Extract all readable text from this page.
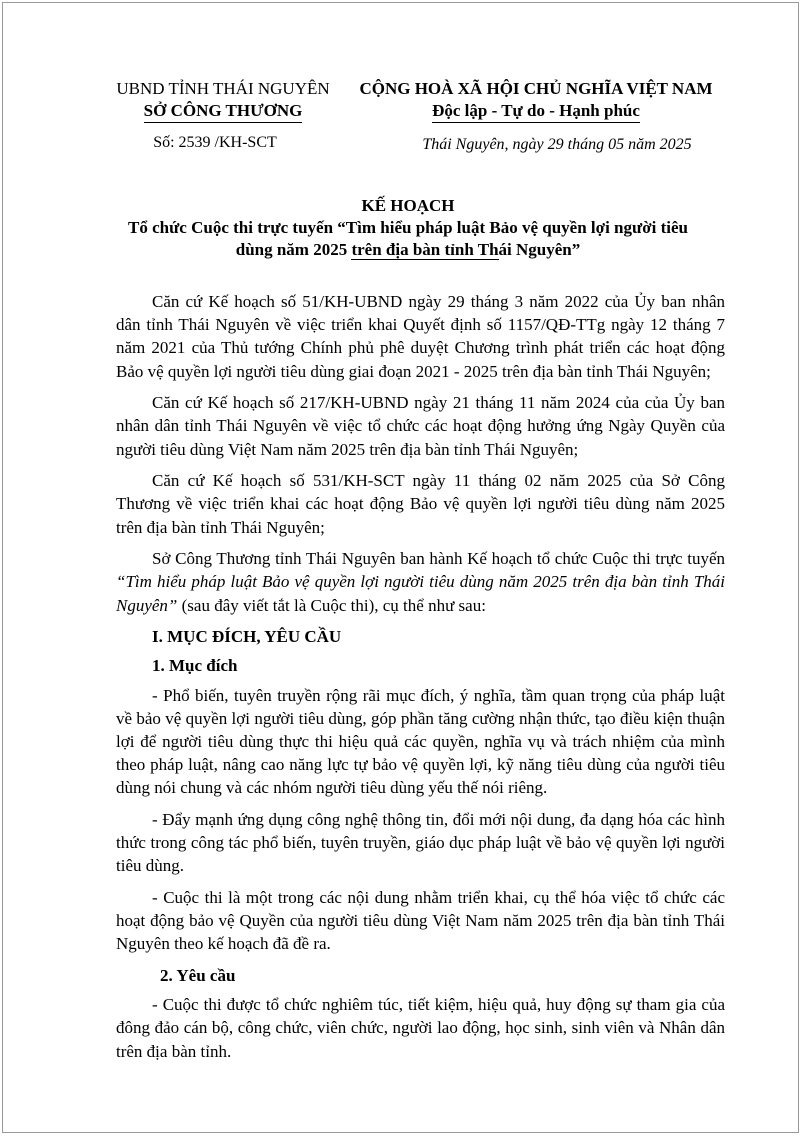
UBND TỈNH THÁI NGUYÊN
SỞ CÔNG THƯƠNG
CỘNG HOÀ XÃ HỘI CHỦ NGHĨA VIỆT NAM
Độc lập - Tự do - Hạnh phúc
Số: 2539 /KH-SCT	Thái Nguyên, ngày 29 tháng 05 năm 2025
KẾ HOẠCH
Tổ chức Cuộc thi trực tuyến “Tìm hiểu pháp luật Bảo vệ quyền lợi người tiêu
dùng năm 2025 trên địa bàn tỉnh Thái Nguyên”

Căn cứ Kế hoạch số 51/KH-UBND ngày 29 tháng 3 năm 2022 của Ủy ban nhân dân tỉnh Thái Nguyên về việc triển khai Quyết định số 1157/QĐ-TTg ngày 12 tháng 7 năm 2021 của Thủ tướng Chính phủ phê duyệt Chương trình phát triển các hoạt động Bảo vệ quyền lợi người tiêu dùng giai đoạn 2021 - 2025 trên địa bàn tỉnh Thái Nguyên;

Căn cứ Kế hoạch số 217/KH-UBND ngày 21 tháng 11 năm 2024 của của Ủy ban nhân dân tỉnh Thái Nguyên về việc tổ chức các hoạt động hưởng ứng Ngày Quyền của người tiêu dùng Việt Nam năm 2025 trên địa bàn tỉnh Thái Nguyên;

Căn cứ Kế hoạch số 531/KH-SCT ngày 11 tháng 02 năm 2025 của Sở Công Thương về việc triển khai các hoạt động Bảo vệ quyền lợi người tiêu dùng năm 2025 trên địa bàn tỉnh Thái Nguyên;

Sở Công Thương tỉnh Thái Nguyên ban hành Kế hoạch tổ chức Cuộc thi trực tuyến “Tìm hiểu pháp luật Bảo vệ quyền lợi người tiêu dùng năm 2025 trên địa bàn tỉnh Thái Nguyên” (sau đây viết tắt là Cuộc thi), cụ thể như sau:

I. MỤC ĐÍCH, YÊU CẦU

1. Mục đích

- Phổ biến, tuyên truyền rộng rãi mục đích, ý nghĩa, tầm quan trọng của pháp luật về bảo vệ quyền lợi người tiêu dùng, góp phần tăng cường nhận thức, tạo điều kiện thuận lợi để người tiêu dùng thực thi hiệu quả các quyền, nghĩa vụ và trách nhiệm của mình theo pháp luật, nâng cao năng lực tự bảo vệ quyền lợi, kỹ năng tiêu dùng của người tiêu dùng nói chung và các nhóm người tiêu dùng yếu thế nói riêng.

- Đẩy mạnh ứng dụng công nghệ thông tin, đổi mới nội dung, đa dạng hóa các hình thức trong công tác phổ biến, tuyên truyền, giáo dục pháp luật về bảo vệ quyền lợi người tiêu dùng.

- Cuộc thi là một trong các nội dung nhằm triển khai, cụ thể hóa việc tổ chức các hoạt động bảo vệ Quyền của người tiêu dùng Việt Nam năm 2025 trên địa bàn tỉnh Thái Nguyên theo kế hoạch đã đề ra.

2. Yêu cầu

- Cuộc thi được tổ chức nghiêm túc, tiết kiệm, hiệu quả, huy động sự tham gia của đông đảo cán bộ, công chức, viên chức, người lao động, học sinh, sinh viên và Nhân dân trên địa bàn tỉnh.
